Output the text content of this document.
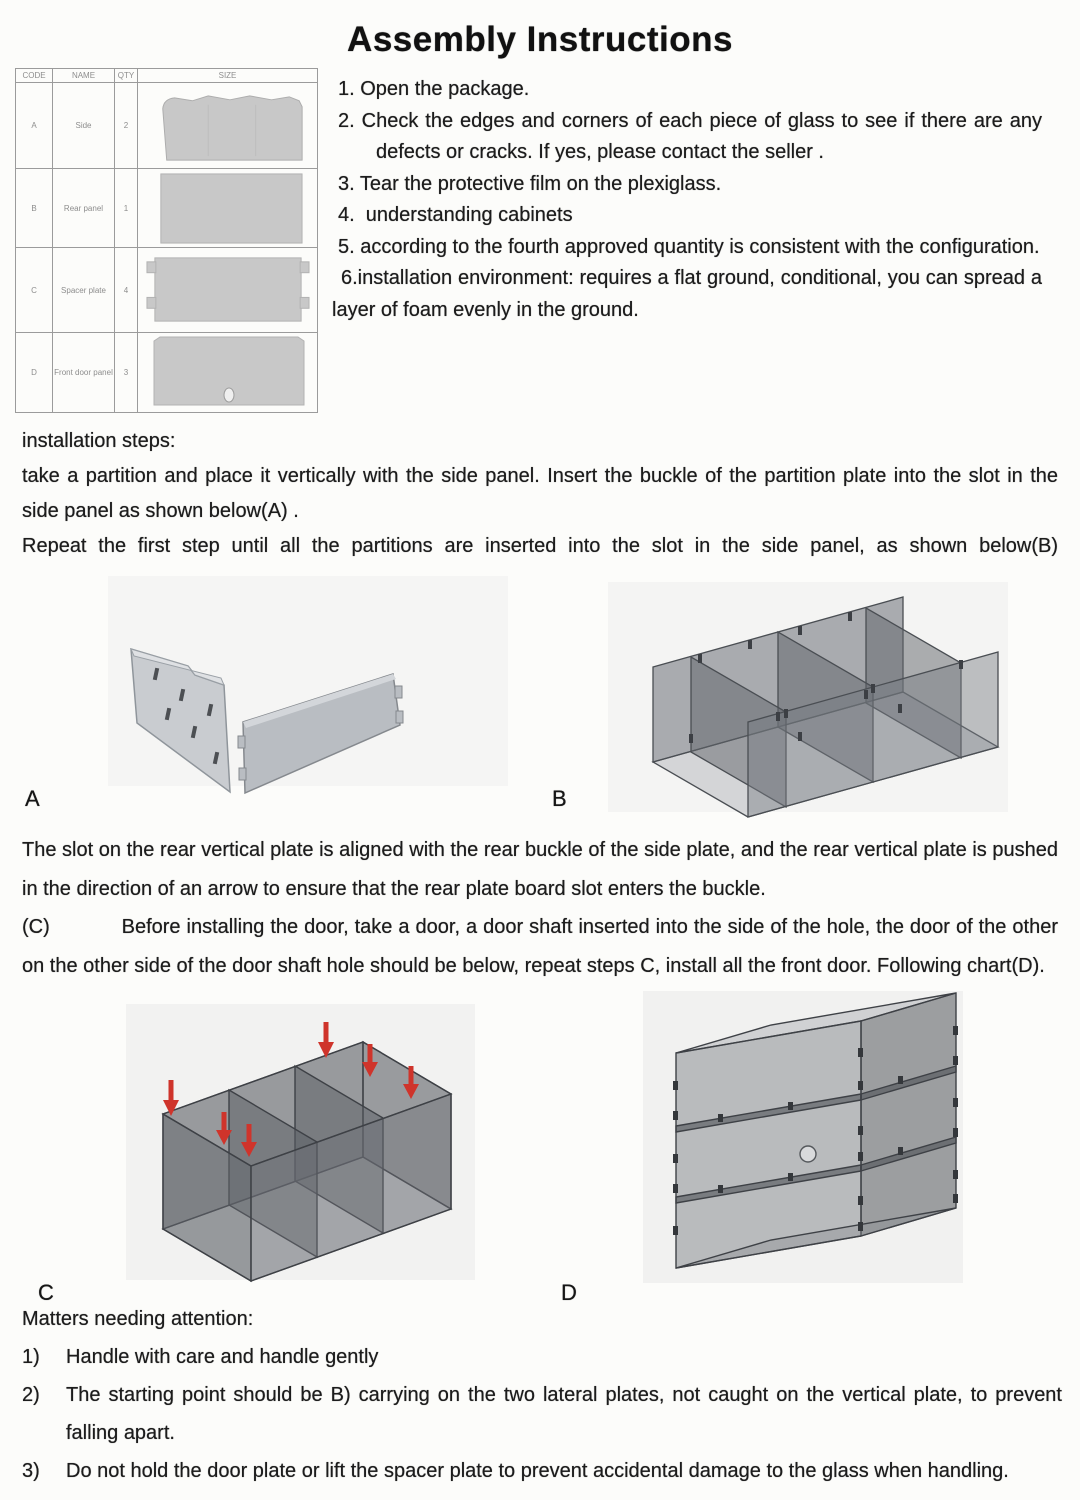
Assembly Instructions
CODE	NAME	QTY	SIZE
A	Side	2
B	Rear panel	1
C	Spacer plate	4
D	Front door panel	3
1. Open the package.
2. Check the edges and corners of each piece of glass to see if there are any defects or cracks. If yes, please contact the seller .
3. Tear the protective film on the plexiglass.
4.  understanding cabinets
5. according to the fourth approved quantity is consistent with the configuration.
6.installation environment: requires a flat ground, conditional, you can spread a layer of foam evenly in the ground.

installation steps:

take a partition and place it vertically with the side panel. Insert the buckle of the partition plate into the slot in the side panel as shown below(A) .

Repeat the first step until all the partitions are inserted into the slot in the side panel, as shown below(B)

A	B

The slot on the rear vertical plate is aligned with the rear buckle of the side plate, and the rear vertical plate is pushed in the direction of an arrow to ensure that the rear plate board slot enters the buckle.

(C)            Before installing the door, take a door, a door shaft inserted into the side of the hole, the door of the other on the other side of the door shaft hole should be below, repeat steps C, install all the front door. Following chart(D).

C	D

Matters needing attention:

1)	Handle with care and handle gently
2)	The starting point should be B) carrying on the two lateral plates, not caught on the vertical plate, to prevent falling apart.
3)	Do not hold the door plate or lift the spacer plate to prevent accidental damage to the glass when handling.
